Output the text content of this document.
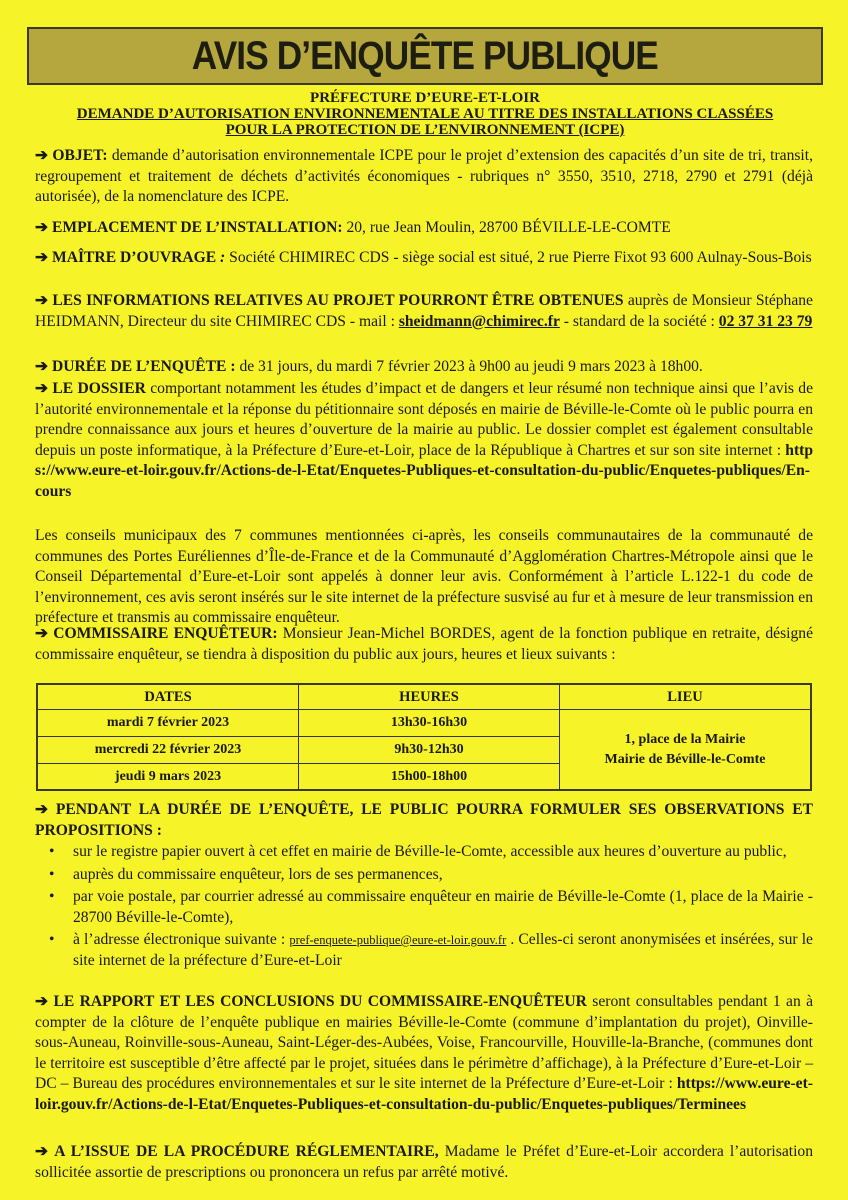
AVIS D’ENQUÊTE PUBLIQUE
PRÉFECTURE D’EURE-ET-LOIR
DEMANDE D’AUTORISATION ENVIRONNEMENTALE AU TITRE DES INSTALLATIONS CLASSÉES
POUR LA PROTECTION DE L’ENVIRONNEMENT (ICPE)
➔ OBJET: demande d’autorisation environnementale ICPE pour le projet d’extension des capacités d’un site de tri, transit, regroupement et traitement de déchets d’activités économiques - rubriques n° 3550, 3510, 2718, 2790 et 2791 (déjà autorisée), de la nomenclature des ICPE.
➔ EMPLACEMENT DE L’INSTALLATION: 20, rue Jean Moulin, 28700 BÉVILLE-LE-COMTE
➔ MAÎTRE D’OUVRAGE : Société CHIMIREC CDS - siège social est situé, 2 rue Pierre Fixot 93 600 Aulnay-Sous-Bois
➔ LES INFORMATIONS RELATIVES AU PROJET POURRONT ÊTRE OBTENUES auprès de Monsieur Stéphane HEIDMANN, Directeur du site CHIMIREC CDS - mail : sheidmann@chimirec.fr - standard de la société : 02 37 31 23 79
➔ DURÉE DE L’ENQUÊTE : de 31 jours, du mardi 7 février 2023 à 9h00 au jeudi 9 mars 2023 à 18h00.
➔ LE DOSSIER comportant notamment les études d’impact et de dangers et leur résumé non technique ainsi que l’avis de l’autorité environnementale et la réponse du pétitionnaire sont déposés en mairie de Béville-le-Comte où le public pourra en prendre connaissance aux jours et heures d’ouverture de la mairie au public. Le dossier complet est également consultable depuis un poste informatique, à la Préfecture d’Eure-et-Loir, place de la République à Chartres et sur son site internet : https://www.eure-et-loir.gouv.fr/Actions-de-l-Etat/Enquetes-Publiques-et-consultation-du-public/Enquetes-publiques/En-cours
Les conseils municipaux des 7 communes mentionnées ci-après, les conseils communautaires de la communauté de communes des Portes Euréliennes d’Île-de-France et de la Communauté d’Agglomération Chartres-Métropole ainsi que le Conseil Départemental d’Eure-et-Loir sont appelés à donner leur avis. Conformément à l’article L.122-1 du code de l’environnement, ces avis seront insérés sur le site internet de la préfecture susvisé au fur et à mesure de leur transmission en préfecture et transmis au commissaire enquêteur.
➔ COMMISSAIRE ENQUÊTEUR: Monsieur Jean-Michel BORDES, agent de la fonction publique en retraite, désigné commissaire enquêteur, se tiendra à disposition du public aux jours, heures et lieux suivants :
DATES	HEURES	LIEU
mardi 7 février 2023	13h30-16h30	1, place de la Mairie
Mairie de Béville-le-Comte

mercredi 22 février 2023	9h30-12h30	
jeudi 9 mars 2023	15h00-18h00	
➔ PENDANT LA DURÉE DE L’ENQUÊTE, LE PUBLIC POURRA FORMULER SES OBSERVATIONS ET PROPOSITIONS :
• sur le registre papier ouvert à cet effet en mairie de Béville-le-Comte, accessible aux heures d’ouverture au public,
• auprès du commissaire enquêteur, lors de ses permanences,
• par voie postale, par courrier adressé au commissaire enquêteur en mairie de Béville-le-Comte (1, place de la Mairie - 28700 Béville-le-Comte),
• à l’adresse électronique suivante : pref-enquete-publique@eure-et-loir.gouv.fr . Celles-ci seront anonymisées et insérées, sur le site internet de la préfecture d’Eure-et-Loir
➔ LE RAPPORT ET LES CONCLUSIONS DU COMMISSAIRE-ENQUÊTEUR seront consultables pendant 1 an à compter de la clôture de l’enquête publique en mairies Béville-le-Comte (commune d’implantation du projet), Oinville-sous-Auneau, Roinville-sous-Auneau, Saint-Léger-des-Aubées, Voise, Francourville, Houville-la-Branche, (communes dont le territoire est susceptible d’être affecté par le projet, situées dans le périmètre d’affichage), à la Préfecture d’Eure-et-Loir – DC – Bureau des procédures environnementales et sur le site internet de la Préfecture d’Eure-et-Loir : https://www.eure-et-loir.gouv.fr/Actions-de-l-Etat/Enquetes-Publiques-et-consultation-du-public/Enquetes-publiques/Terminees
➔ A L’ISSUE DE LA PROCÉDURE RÉGLEMENTAIRE, Madame le Préfet d’Eure-et-Loir accordera l’autorisation sollicitée assortie de prescriptions ou prononcera un refus par arrêté motivé.
